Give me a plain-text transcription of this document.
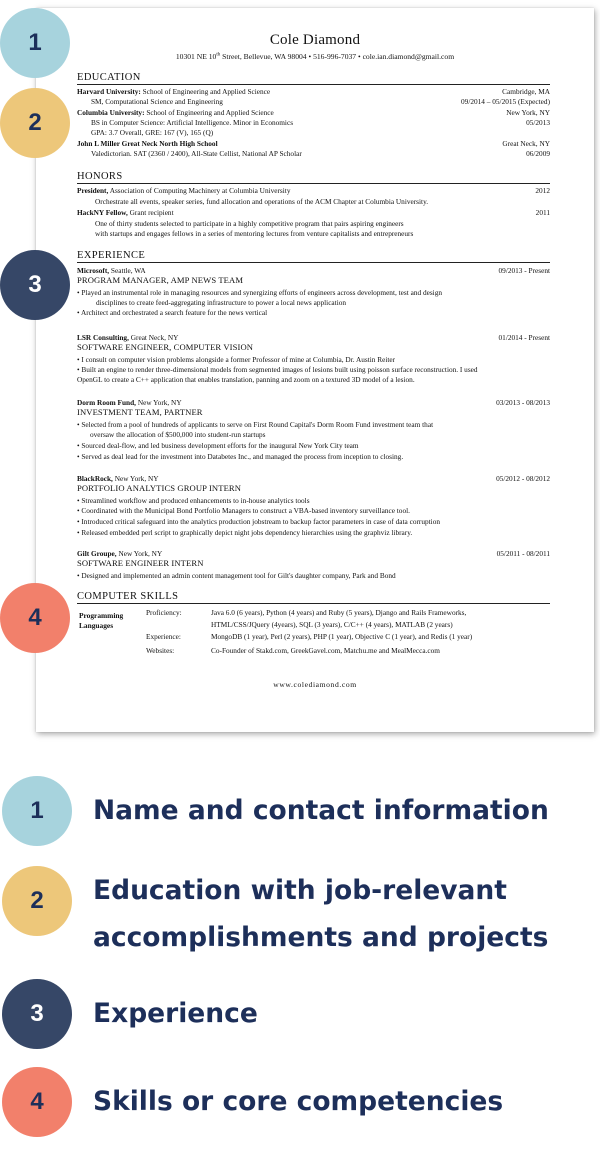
Cole Diamond
10301 NE 10th Street, Bellevue, WA 98004 • 516-996-7037 • cole.ian.diamond@gmail.com
EDUCATION
Harvard University: School of Engineering and Applied Science	Cambridge, MA
SM, Computational Science and Engineering	09/2014 – 05/2015 (Expected)
Columbia University: School of Engineering and Applied Science	New York, NY
BS in Computer Science: Artificial Intelligence. Minor in Economics	05/2013
GPA: 3.7 Overall, GRE: 167 (V), 165 (Q)
John L Miller Great Neck North High School	Great Neck, NY
Valedictorian. SAT (2360 / 2400), All-State Cellist, National AP Scholar	06/2009
HONORS
President, Association of Computing Machinery at Columbia University	2012
Orchestrate all events, speaker series, fund allocation and operations of the ACM Chapter at Columbia University.
HackNY Fellow, Grant recipient	2011
One of thirty students selected to participate in a highly competitive program that pairs aspiring engineers
with startups and engages fellows in a series of mentoring lectures from venture capitalists and entrepreneurs
EXPERIENCE
Microsoft, Seattle, WA	09/2013 - Present
PROGRAM MANAGER, AMP NEWS TEAM
• Played an instrumental role in managing resources and synergizing efforts of engineers across development, test and design
disciplines to create feed-aggregating infrastructure to power a local news application
• Architect and orchestrated a search feature for the news vertical
LSR Consulting, Great Neck, NY	01/2014 - Present
SOFTWARE ENGINEER, COMPUTER VISION
• I consult on computer vision problems alongside a former Professor of mine at Columbia, Dr. Austin Reiter
• Built an engine to render three-dimensional models from segmented images of lesions built using poisson surface reconstruction. I used
OpenGL to create a C++ application that enables translation, panning and zoom on a textured 3D model of a lesion.
Dorm Room Fund, New York, NY	03/2013 - 08/2013
INVESTMENT TEAM, PARTNER
• Selected from a pool of hundreds of applicants to serve on First Round Capital's Dorm Room Fund investment team that
oversaw the allocation of $500,000 into student-run startups
• Sourced deal-flow, and led business development efforts for the inaugural New York City team
• Served as deal lead for the investment into Databetes Inc., and managed the process from inception to closing.
BlackRock, New York, NY	05/2012 - 08/2012
PORTFOLIO ANALYTICS GROUP INTERN
• Streamlined workflow and produced enhancements to in-house analytics tools
• Coordinated with the Municipal Bond Portfolio Managers to construct a VBA-based inventory surveillance tool.
• Introduced critical safeguard into the analytics production jobstream to backup factor parameters in case of data corruption
• Released embedded perl script to graphically depict night jobs dependency hierarchies using the graphviz library.
Gilt Groupe, New York, NY	05/2011 - 08/2011
SOFTWARE ENGINEER INTERN
• Designed and implemented an admin content management tool for Gilt's daughter company, Park and Bond
COMPUTER SKILLS
Programming
Languages
Proficiency:	Java 6.0 (6 years), Python (4 years) and Ruby (5 years), Django and Rails Frameworks,
HTML/CSS/JQuery (4years), SQL (3 years), C/C++ (4 years), MATLAB (2 years)
Experience:	MongoDB (1 year), Perl (2 years), PHP (1 year), Objective C (1 year), and Redis (1 year)
Websites:	Co-Founder of Stakd.com, GreekGavel.com, Matchu.me and MealMecca.com
www.colediamond.com
1
2
3
4
1	Name and contact information
2	Education with job-relevant
accomplishments and projects
3	Experience
4	Skills or core competencies
